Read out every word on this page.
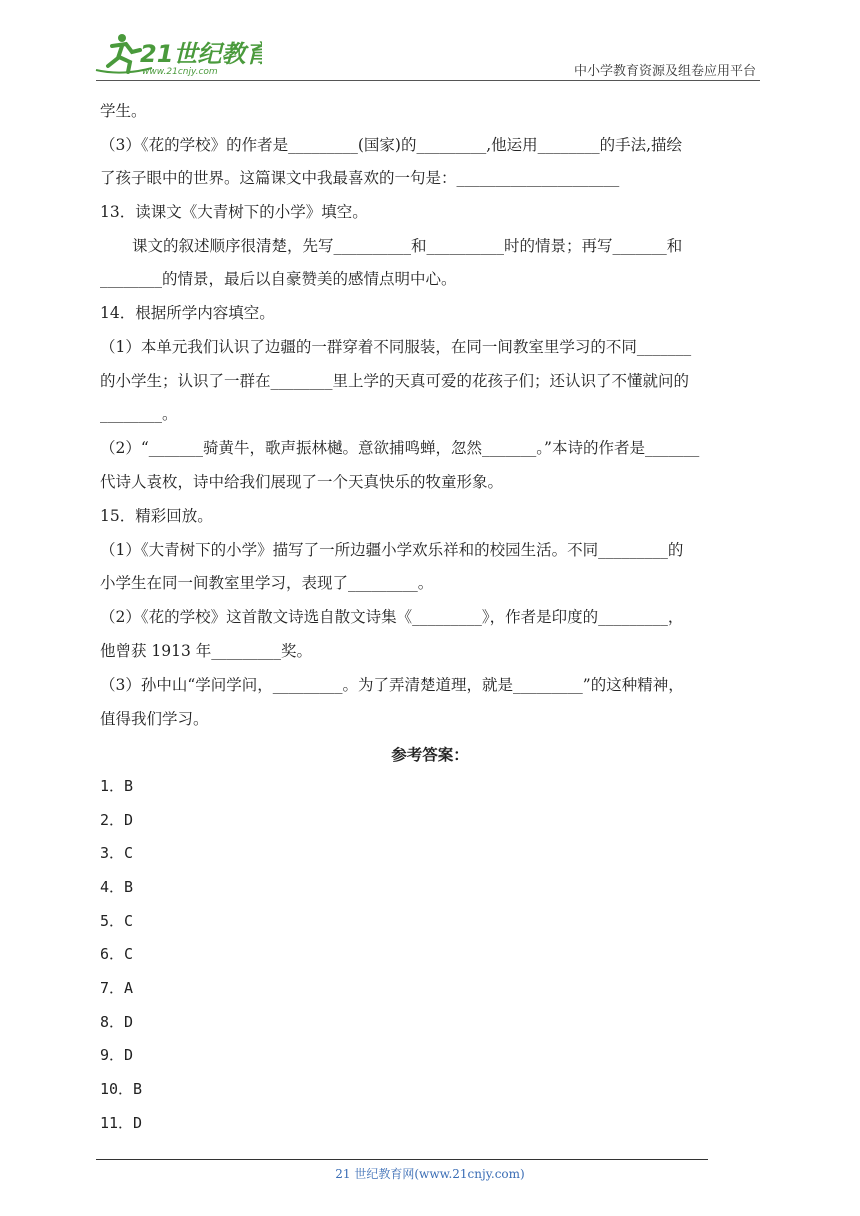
21世纪教育
www.21cnjy.com	中小学教育资源及组卷应用平台
学生。
（3）《花的学校》的作者是_________(国家)的_________,他运用________的手法,描绘
了孩子眼中的世界。这篇课文中我最喜欢的一句是：_____________________
13．读课文《大青树下的小学》填空。
课文的叙述顺序很清楚，先写__________和__________时的情景；再写_______和
________的情景，最后以自豪赞美的感情点明中心。
14．根据所学内容填空。
（1）本单元我们认识了边疆的一群穿着不同服装，在同一间教室里学习的不同_______
的小学生；认识了一群在________里上学的天真可爱的花孩子们；还认识了不懂就问的
________。
（2）“_______骑黄牛，歌声振林樾。意欲捕鸣蝉，忽然_______。”本诗的作者是_______
代诗人袁枚，诗中给我们展现了一个天真快乐的牧童形象。
15．精彩回放。
（1）《大青树下的小学》描写了一所边疆小学欢乐祥和的校园生活。不同_________的
小学生在同一间教室里学习，表现了_________。
（2）《花的学校》这首散文诗选自散文诗集《_________》，作者是印度的_________，
他曾获 1913 年_________奖。
（3）孙中山“学问学问，_________。为了弄清楚道理，就是_________”的这种精神，
值得我们学习。
参考答案：
1．B
2．D
3．C
4．B
5．C
6．C
7．A
8．D
9．D
10．B
11．D
21 世纪教育网(www.21cnjy.com)
